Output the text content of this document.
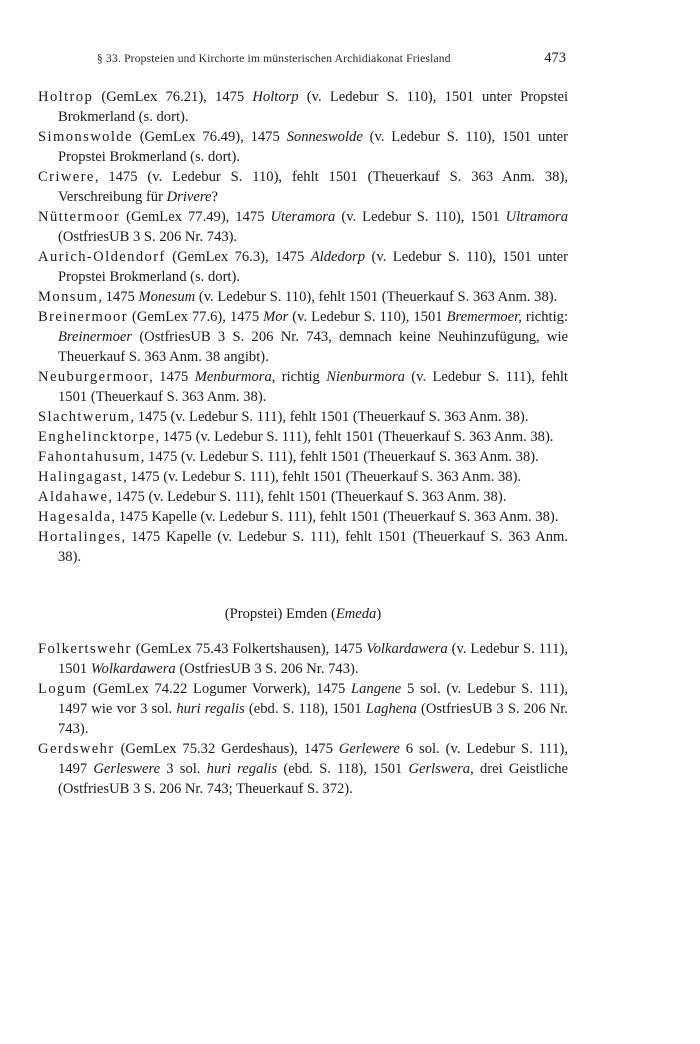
§ 33. Propsteien und Kirchorte im münsterischen Archidiakonat Friesland	473

Holtrop (GemLex 76.21), 1475 Holtorp (v. Ledebur S. 110), 1501 unter Propstei Brokmerland (s. dort).

Simonswolde (GemLex 76.49), 1475 Sonneswolde (v. Ledebur S. 110), 1501 unter Propstei Brokmerland (s. dort).

Criwere, 1475 (v. Ledebur S. 110), fehlt 1501 (Theuerkauf S. 363 Anm. 38), Verschreibung für Drivere?

Nüttermoor (GemLex 77.49), 1475 Uteramora (v. Ledebur S. 110), 1501 Ultramora (OstfriesUB 3 S. 206 Nr. 743).

Aurich-Oldendorf (GemLex 76.3), 1475 Aldedorp (v. Ledebur S. 110), 1501 unter Propstei Brokmerland (s. dort).

Monsum, 1475 Monesum (v. Ledebur S. 110), fehlt 1501 (Theuerkauf S. 363 Anm. 38).

Breinermoor (GemLex 77.6), 1475 Mor (v. Ledebur S. 110), 1501 Bremermoer, richtig: Breinermoer (OstfriesUB 3 S. 206 Nr. 743, demnach keine Neuhinzufügung, wie Theuerkauf S. 363 Anm. 38 angibt).

Neuburgermoor, 1475 Menburmora, richtig Nienburmora (v. Ledebur S. 111), fehlt 1501 (Theuerkauf S. 363 Anm. 38).

Slachtwerum, 1475 (v. Ledebur S. 111), fehlt 1501 (Theuerkauf S. 363 Anm. 38).

Enghelincktorpe, 1475 (v. Ledebur S. 111), fehlt 1501 (Theuerkauf S. 363 Anm. 38).

Fahontahusum, 1475 (v. Ledebur S. 111), fehlt 1501 (Theuerkauf S. 363 Anm. 38).

Halingagast, 1475 (v. Ledebur S. 111), fehlt 1501 (Theuerkauf S. 363 Anm. 38).

Aldahawe, 1475 (v. Ledebur S. 111), fehlt 1501 (Theuerkauf S. 363 Anm. 38).

Hagesalda, 1475 Kapelle (v. Ledebur S. 111), fehlt 1501 (Theuerkauf S. 363 Anm. 38).

Hortalinges, 1475 Kapelle (v. Ledebur S. 111), fehlt 1501 (Theuerkauf S. 363 Anm. 38).

(Propstei) Emden (Emeda)

Folkertswehr (GemLex 75.43 Folkertshausen), 1475 Volkardawera (v. Ledebur S. 111), 1501 Wolkardawera (OstfriesUB 3 S. 206 Nr. 743).

Logum (GemLex 74.22 Logumer Vorwerk), 1475 Langene 5 sol. (v. Ledebur S. 111), 1497 wie vor 3 sol. huri regalis (ebd. S. 118), 1501 Laghena (OstfriesUB 3 S. 206 Nr. 743).

Gerdswehr (GemLex 75.32 Gerdeshaus), 1475 Gerlewere 6 sol. (v. Ledebur S. 111), 1497 Gerleswere 3 sol. huri regalis (ebd. S. 118), 1501 Gerlswera, drei Geistliche (OstfriesUB 3 S. 206 Nr. 743; Theuerkauf S. 372).
